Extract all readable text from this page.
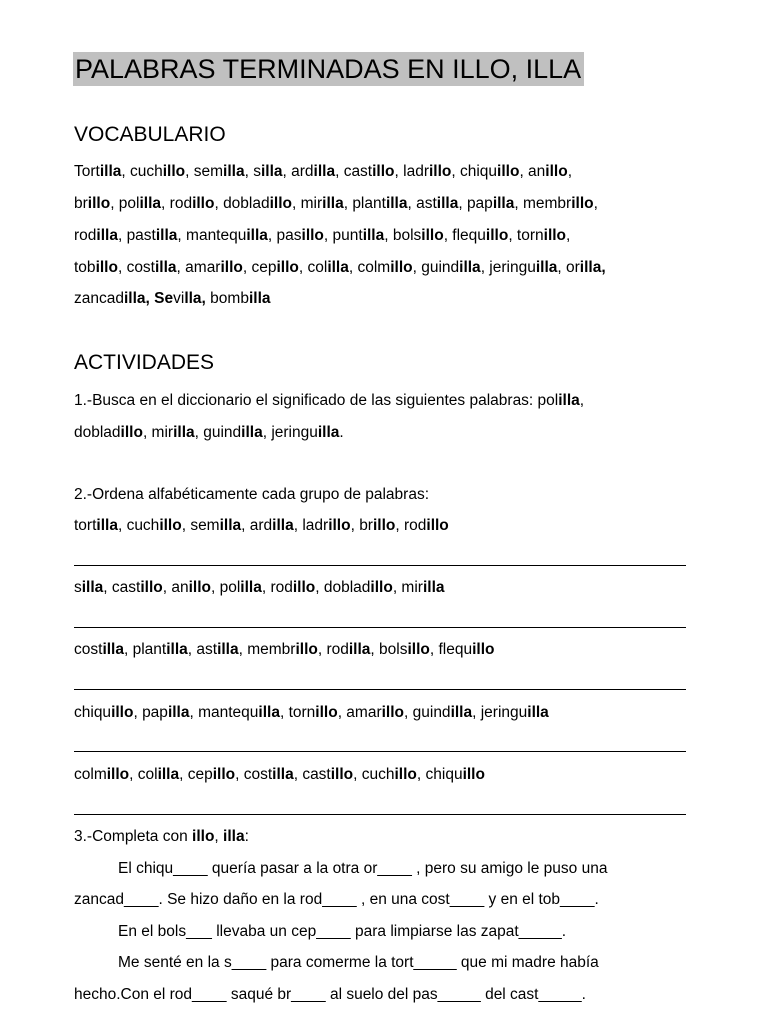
PALABRAS TERMINADAS EN ILLO, ILLA
VOCABULARIO
Tortilla, cuchillo, semilla, silla, ardilla, castillo, ladrillo, chiquillo, anillo,
brillo, polilla, rodillo, dobladillo, mirilla, plantilla, astilla, papilla, membrillo,
rodilla, pastilla, mantequilla, pasillo, puntilla, bolsillo, flequillo, tornillo,
tobillo, costilla, amarillo, cepillo, colilla, colmillo, guindilla, jeringuilla, orilla,
zancadilla, Sevilla, bombilla
ACTIVIDADES
1.-Busca en el diccionario el significado de las siguientes palabras: polilla,
dobladillo, mirilla, guindilla, jeringuilla.
2.-Ordena alfabéticamente cada grupo de palabras:
tortilla, cuchillo, semilla, ardilla, ladrillo, brillo, rodillo
silla, castillo, anillo, polilla, rodillo, dobladillo, mirilla
costilla, plantilla, astilla, membrillo, rodilla, bolsillo, flequillo
chiquillo, papilla, mantequilla, tornillo, amarillo, guindilla, jeringuilla
colmillo, colilla, cepillo, costilla, castillo, cuchillo, chiquillo
3.-Completa con illo, illa:
El chiqu____ quería pasar a la otra or____ , pero su amigo le puso una
zancad____. Se hizo daño en la rod____ , en una cost____ y en el tob____.
En el bols___ llevaba un cep____ para limpiarse las zapat_____.
Me senté en la s____ para comerme la tort_____ que mi madre había
hecho.Con el rod____ saqué br____ al suelo del pas_____ del cast_____.
